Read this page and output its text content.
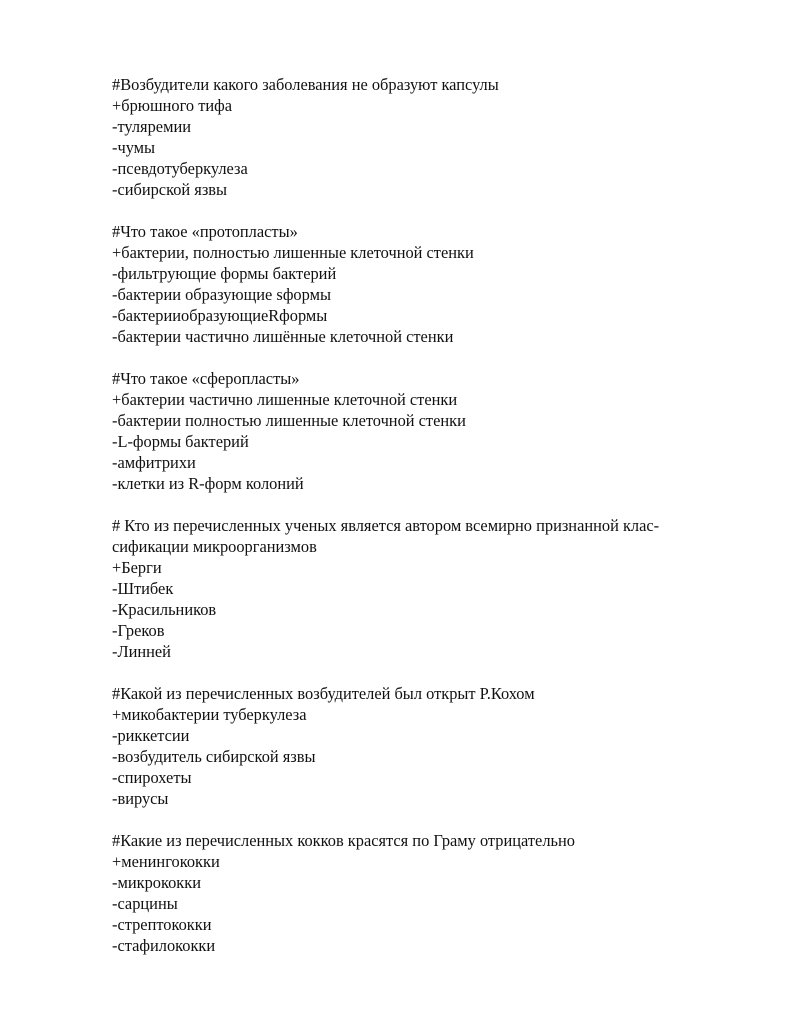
#Возбудители какого заболевания не образуют капсулы
+брюшного тифа
-туляремии
-чумы
-псевдотуберкулеза
-сибирской язвы
#Что такое «протопласты»
+бактерии, полностью лишенные клеточной стенки
-фильтрующие формы бактерий
-бактерии образующие sформы
-бактерииобразующиеRформы
-бактерии частично лишённые клеточной стенки
#Что такое «сферопласты»
+бактерии частично лишенные клеточной стенки
-бактерии полностью лишенные клеточной стенки
-L-формы бактерий
-амфитрихи
-клетки из R-форм колоний
# Кто из перечисленных ученых является автором всемирно признанной клас-
сификации микроорганизмов
+Берги
-Штибек
-Красильников
-Греков
-Линней
#Какой из перечисленных возбудителей был открыт Р.Кохом
+микобактерии туберкулеза
-риккетсии
-возбудитель сибирской язвы
-спирохеты
-вирусы
#Какие из перечисленных кокков красятся по Граму отрицательно
+менингококки
-микрококки
-сарцины
-стрептококки
-стафилококки
